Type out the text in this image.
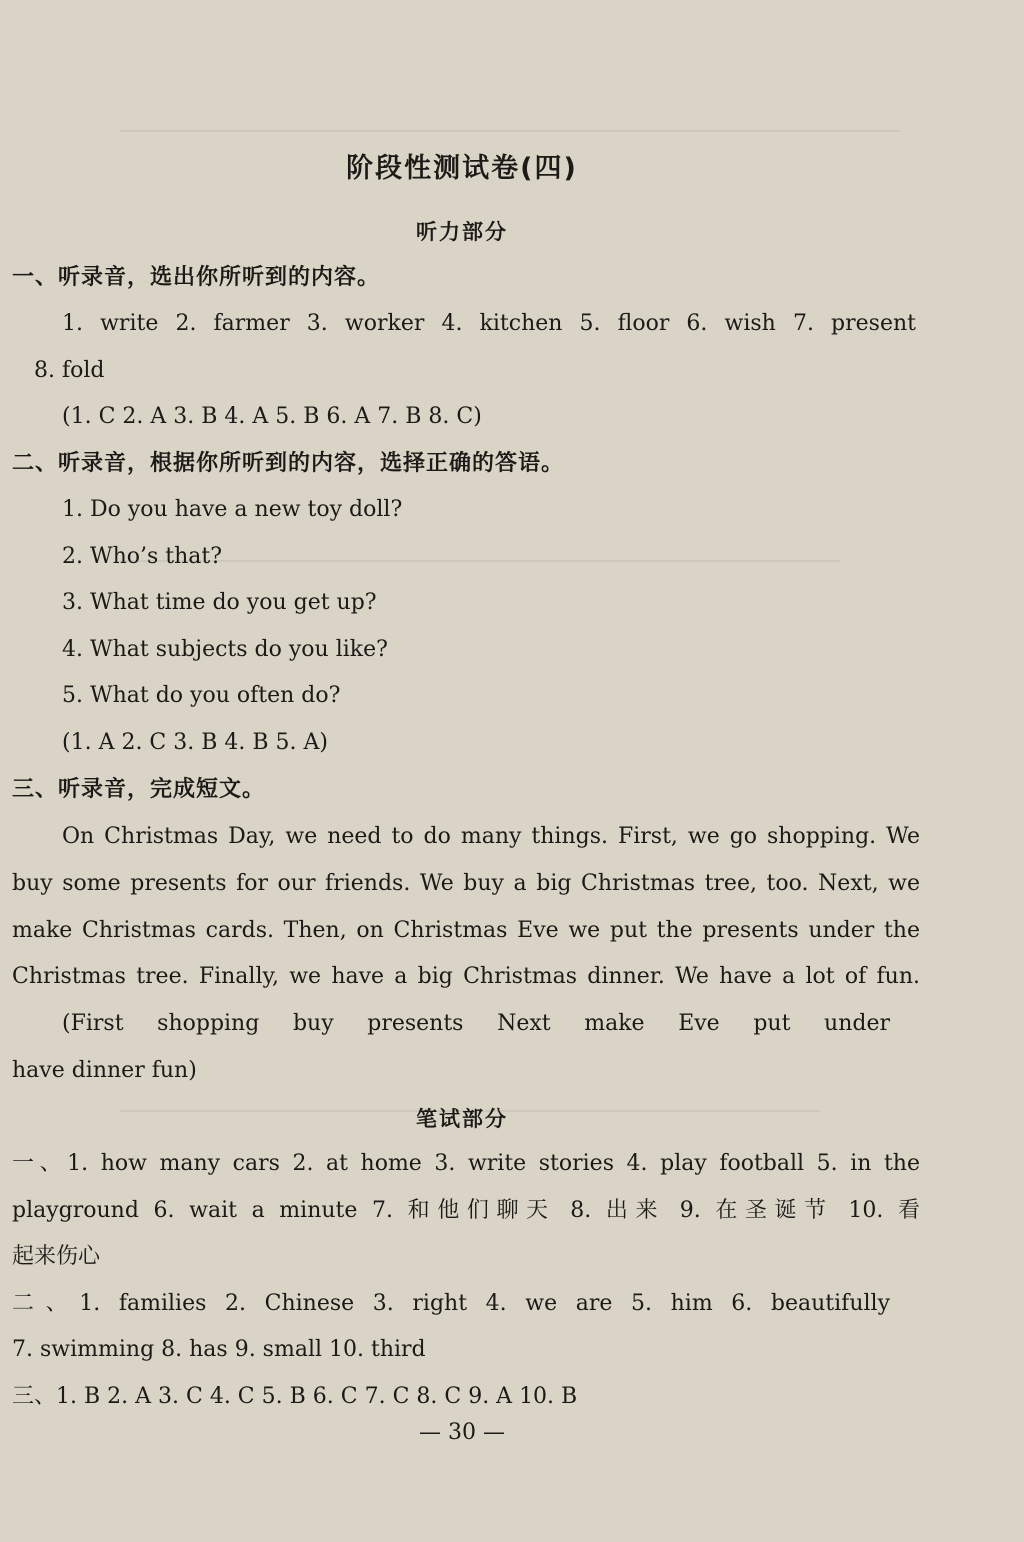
阶段性测试卷(四)
听力部分
一、听录音，选出你所听到的内容。
1. write 2. farmer 3. worker 4. kitchen 5. floor 6. wish 7. present
8. fold
(1. C 2. A 3. B 4. A 5. B 6. A 7. B 8. C)
二、听录音，根据你所听到的内容，选择正确的答语。
1. Do you have a new toy doll?
2. Who’s that?
3. What time do you get up?
4. What subjects do you like?
5. What do you often do?
(1. A 2. C 3. B 4. B 5. A)
三、听录音，完成短文。
On Christmas Day, we need to do many things. First, we go shopping. We
buy some presents for our friends. We buy a big Christmas tree, too. Next, we
make Christmas cards. Then, on Christmas Eve we put the presents under the
Christmas tree. Finally, we have a big Christmas dinner. We have a lot of fun.
(First shopping buy presents Next make Eve put under
have dinner fun)
笔试部分
一、1. how many cars 2. at home 3. write stories 4. play football 5. in the
playground 6. wait a minute 7. 和他们聊天 8. 出来 9. 在圣诞节 10. 看
起来伤心
二、1. families 2. Chinese 3. right 4. we are 5. him 6. beautifully
7. swimming 8. has 9. small 10. third
三、1. B 2. A 3. C 4. C 5. B 6. C 7. C 8. C 9. A 10. B
— 30 —
